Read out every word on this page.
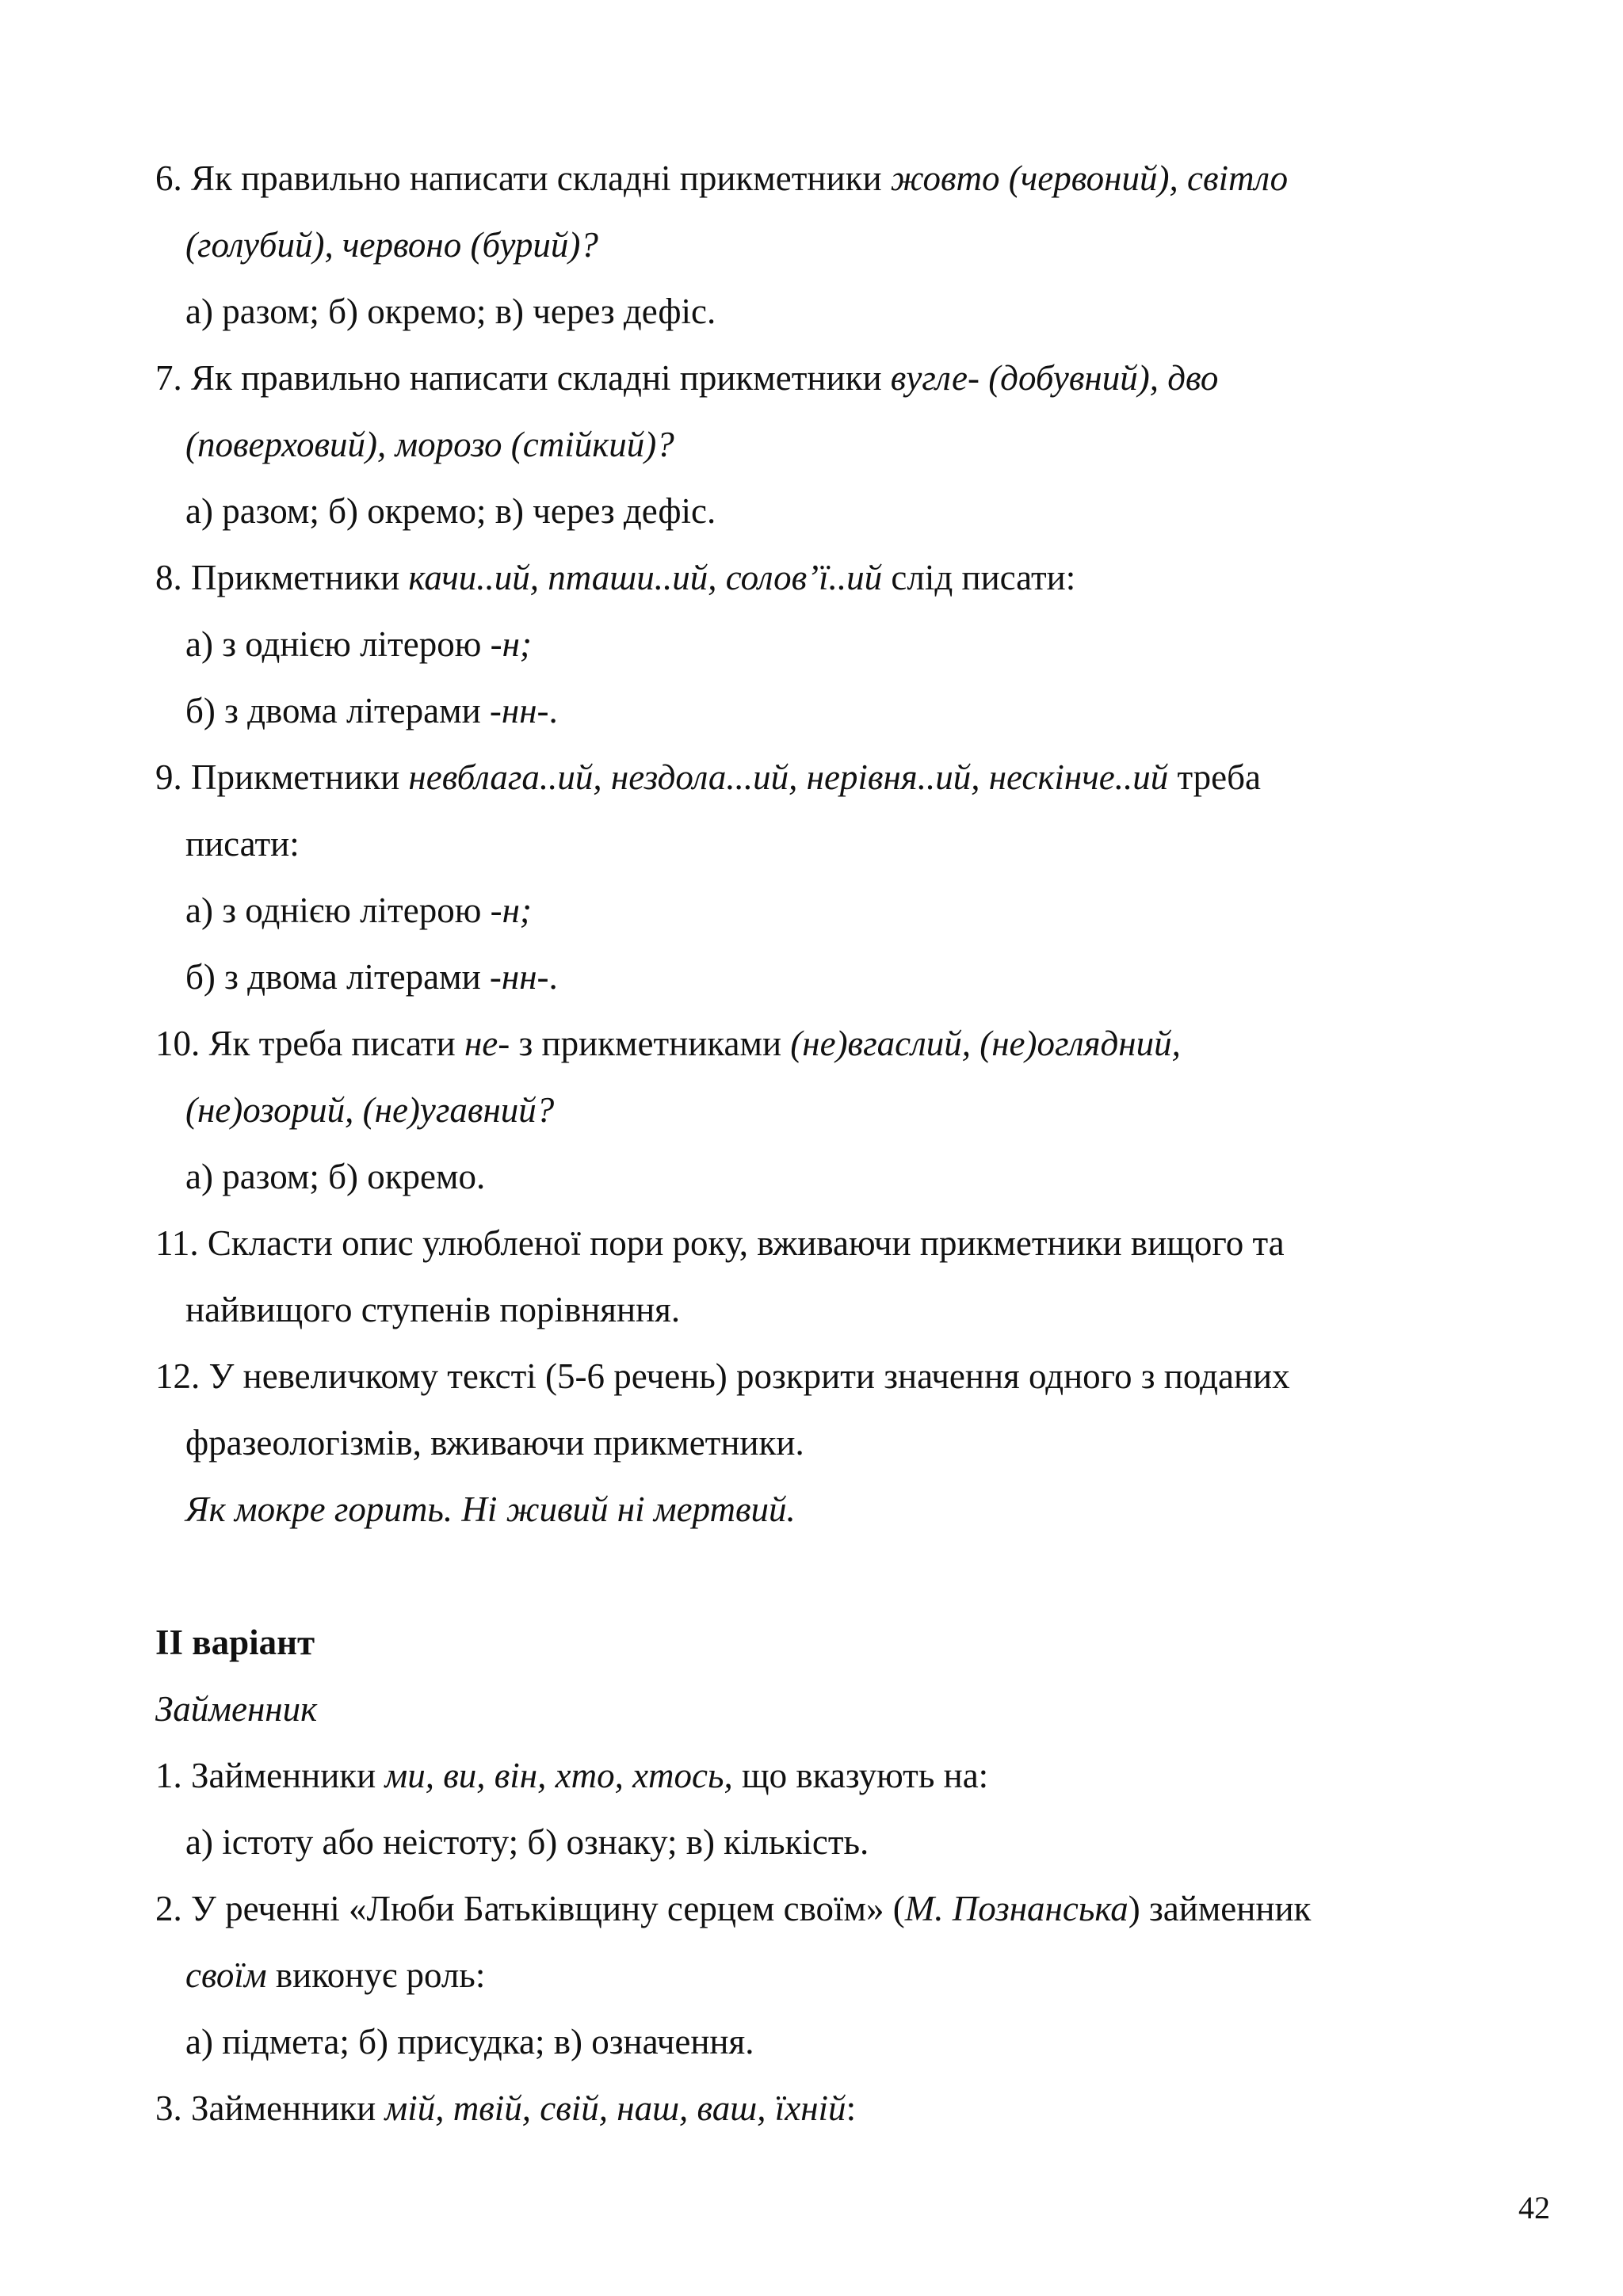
6. Як правильно написати складні прикметники жовто (червоний), світло
(голубий), червоно (бурий)?
а) разом; б) окремо; в) через дефіс.
7. Як правильно написати складні прикметники вугле- (добувний), дво
(поверховий), морозо (стійкий)?
а) разом; б) окремо; в) через дефіс.
8. Прикметники качи..ий, пташи..ий, солов’ї..ий слід писати:
а) з однією літерою -н;
б) з двома літерами -нн-.
9. Прикметники невблага..ий, нездола...ий, нерівня..ий, нескінче..ий треба
писати:
а) з однією літерою -н;
б) з двома літерами -нн-.
10. Як треба писати не- з прикметниками (не)вгаслий, (не)оглядний,
(не)озорий, (не)угавний?
а) разом; б) окремо.
11. Скласти опис улюбленої пори року, вживаючи прикметники вищого та
найвищого ступенів порівняння.
12. У невеличкому тексті (5-6 речень) розкрити значення одного з поданих
фразеологізмів, вживаючи прикметники.
Як мокре горить. Ні живий ні мертвий.
ІІ варіант
Займенник
1. Займенники ми, ви, він, хто, хтось, що вказують на:
а) істоту або неістоту; б) ознаку; в) кількість.
2. У реченні «Люби Батьківщину серцем своїм» (М. Познанська) займенник
своїм виконує роль:
а) підмета; б) присудка; в) означення.
3. Займенники мій, твій, свій, наш, ваш, їхній:
42
